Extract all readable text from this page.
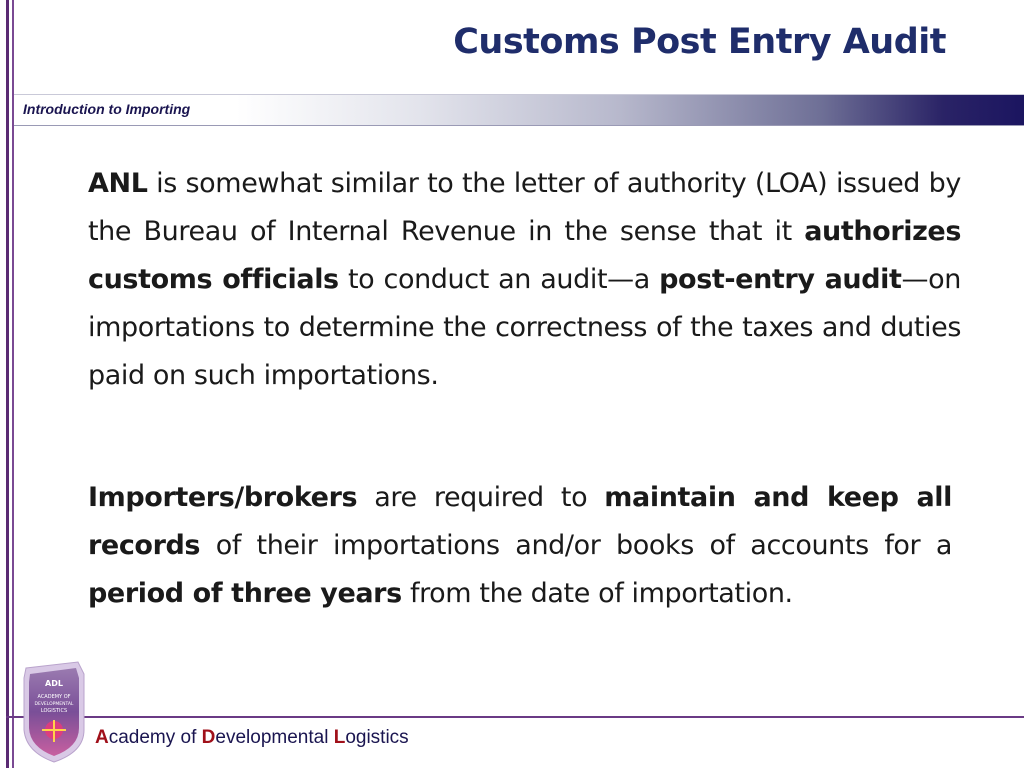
Customs Post Entry Audit
Introduction to Importing

ANL is somewhat similar to the letter of authority (LOA) issued by the Bureau of Internal Revenue in the sense that it authorizes customs officials to conduct an audit—a post-entry audit—on importations to determine the correctness of the taxes and duties paid on such importations.

Importers/brokers are required to maintain and keep all records of their importations and/or books of accounts for a period of three years from the date of importation.

ADL
ACADEMY OF
DEVELOPMENTAL
LOGISTICS
Academy of Developmental Logistics
